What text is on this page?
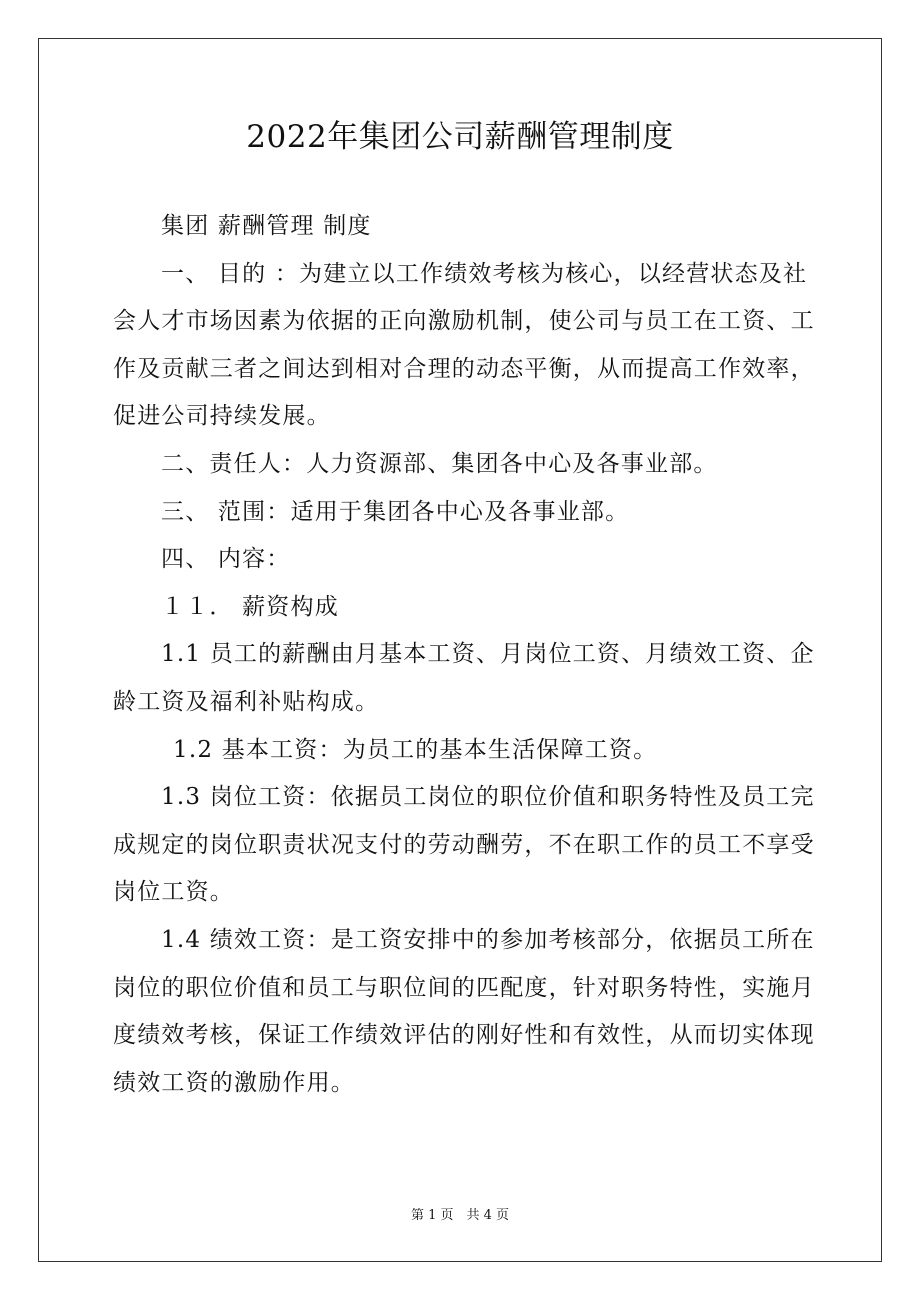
2022年集团公司薪酬管理制度

集团 薪酬管理 制度

一、 目的 ：为建立以工作绩效考核为核心，以经营状态及社会人才市场因素为依据的正向激励机制，使公司与员工在工资、工作及贡献三者之间达到相对合理的动态平衡，从而提高工作效率，促进公司持续发展。

二、责任人：人力资源部、集团各中心及各事业部。

三、 范围：适用于集团各中心及各事业部。

四、 内容：

１１． 薪资构成

1.1 员工的薪酬由月基本工资、月岗位工资、月绩效工资、企龄工资及福利补贴构成。

1.2 基本工资：为员工的基本生活保障工资。

1.3 岗位工资：依据员工岗位的职位价值和职务特性及员工完成规定的岗位职责状况支付的劳动酬劳，不在职工作的员工不享受岗位工资。

1.4 绩效工资：是工资安排中的参加考核部分，依据员工所在岗位的职位价值和员工与职位间的匹配度，针对职务特性，实施月度绩效考核，保证工作绩效评估的刚好性和有效性，从而切实体现绩效工资的激励作用。

第 1 页　共 4 页
